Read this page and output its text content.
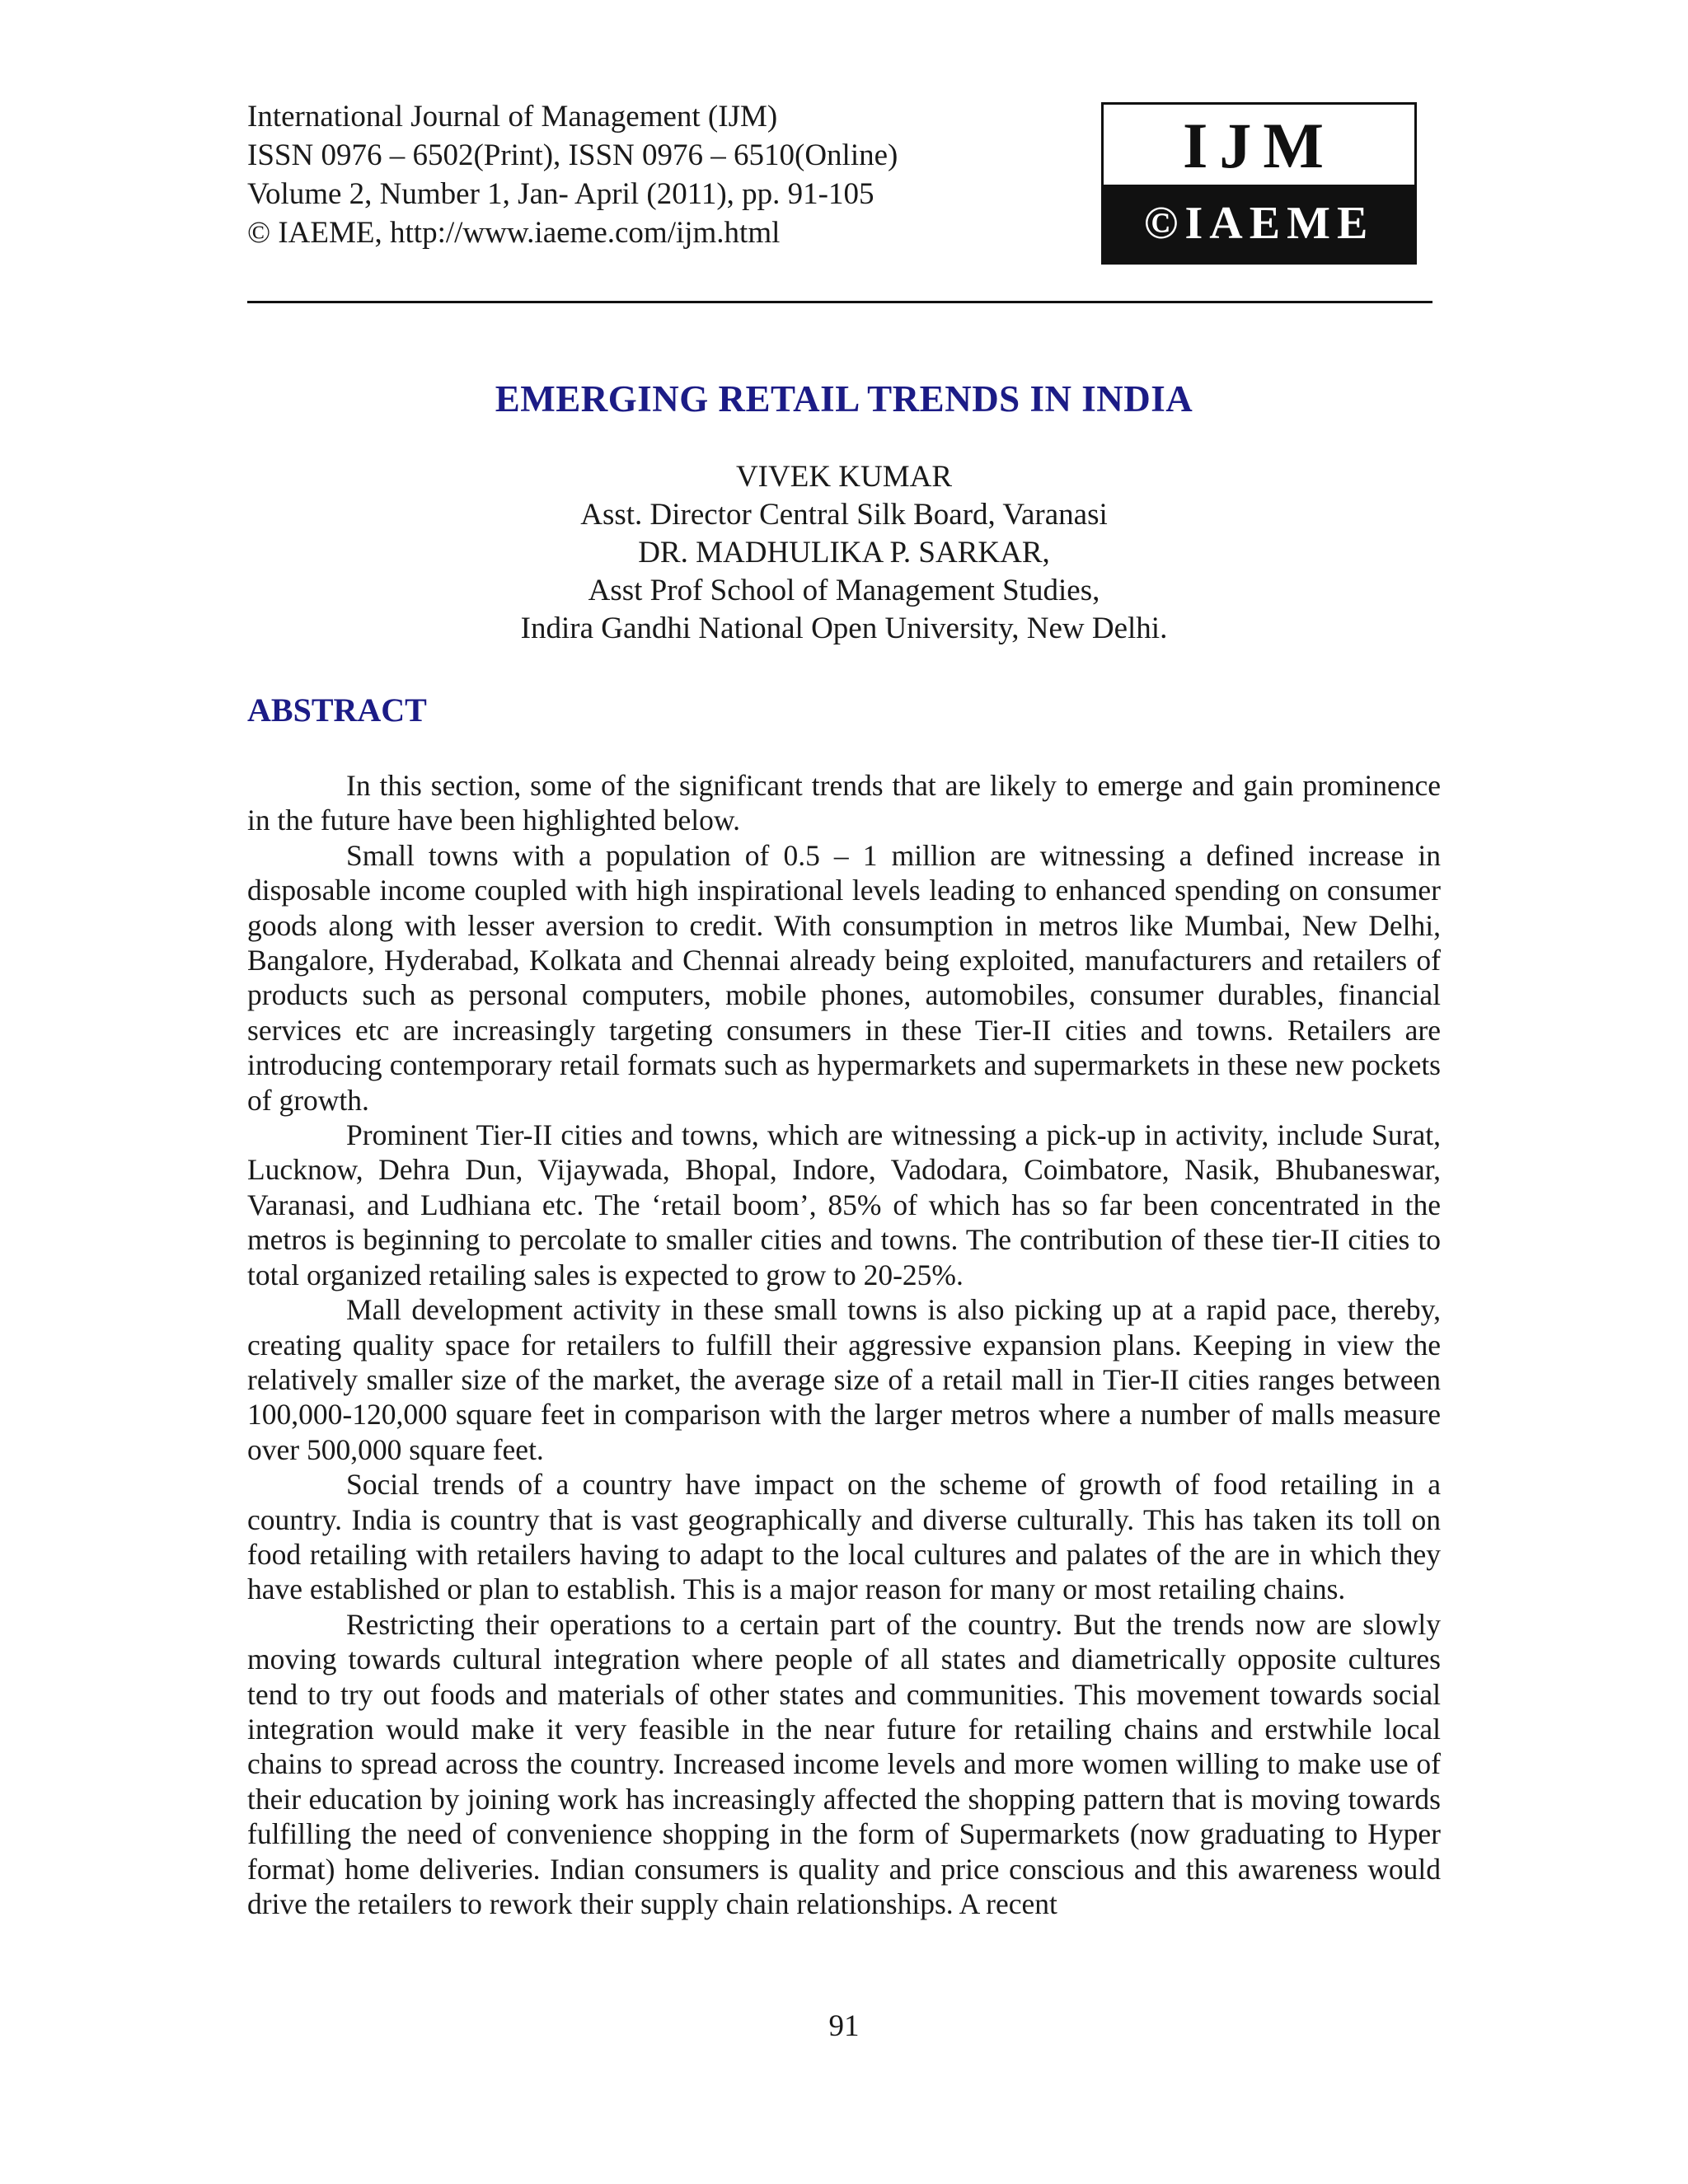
International Journal of Management (IJM)
ISSN 0976 – 6502(Print), ISSN 0976 – 6510(Online)
Volume 2, Number 1, Jan- April (2011), pp. 91-105
© IAEME, http://www.iaeme.com/ijm.html
IJM
©IAEME
EMERGING RETAIL TRENDS IN INDIA
VIVEK KUMAR
Asst. Director Central Silk Board, Varanasi
DR. MADHULIKA P. SARKAR,
Asst Prof School of Management Studies,
Indira Gandhi National Open University, New Delhi.
ABSTRACT

In this section, some of the significant trends that are likely to emerge and gain prominence in the future have been highlighted below.

Small towns with a population of 0.5 – 1 million are witnessing a defined increase in disposable income coupled with high inspirational levels leading to enhanced spending on consumer goods along with lesser aversion to credit. With consumption in metros like Mumbai, New Delhi, Bangalore, Hyderabad, Kolkata and Chennai already being exploited, manufacturers and retailers of products such as personal computers, mobile phones, automobiles, consumer durables, financial services etc are increasingly targeting consumers in these Tier-II cities and towns. Retailers are introducing contemporary retail formats such as hypermarkets and supermarkets in these new pockets of growth.

Prominent Tier-II cities and towns, which are witnessing a pick-up in activity, include Surat, Lucknow, Dehra Dun, Vijaywada, Bhopal, Indore, Vadodara, Coimbatore, Nasik, Bhubaneswar, Varanasi, and Ludhiana etc. The ‘retail boom’, 85% of which has so far been concentrated in the metros is beginning to percolate to smaller cities and towns. The contribution of these tier-II cities to total organized retailing sales is expected to grow to 20-25%.

Mall development activity in these small towns is also picking up at a rapid pace, thereby, creating quality space for retailers to fulfill their aggressive expansion plans. Keeping in view the relatively smaller size of the market, the average size of a retail mall in Tier-II cities ranges between 100,000-120,000 square feet in comparison with the larger metros where a number of malls measure over 500,000 square feet.

Social trends of a country have impact on the scheme of growth of food retailing in a country. India is country that is vast geographically and diverse culturally. This has taken its toll on food retailing with retailers having to adapt to the local cultures and palates of the are in which they have established or plan to establish. This is a major reason for many or most retailing chains.

Restricting their operations to a certain part of the country. But the trends now are slowly moving towards cultural integration where people of all states and diametrically opposite cultures tend to try out foods and materials of other states and communities. This movement towards social integration would make it very feasible in the near future for retailing chains and erstwhile local chains to spread across the country. Increased income levels and more women willing to make use of their education by joining work has increasingly affected the shopping pattern that is moving towards fulfilling the need of convenience shopping in the form of Supermarkets (now graduating to Hyper format) home deliveries. Indian consumers is quality and price conscious and this awareness would drive the retailers to rework their supply chain relationships. A recent

91
